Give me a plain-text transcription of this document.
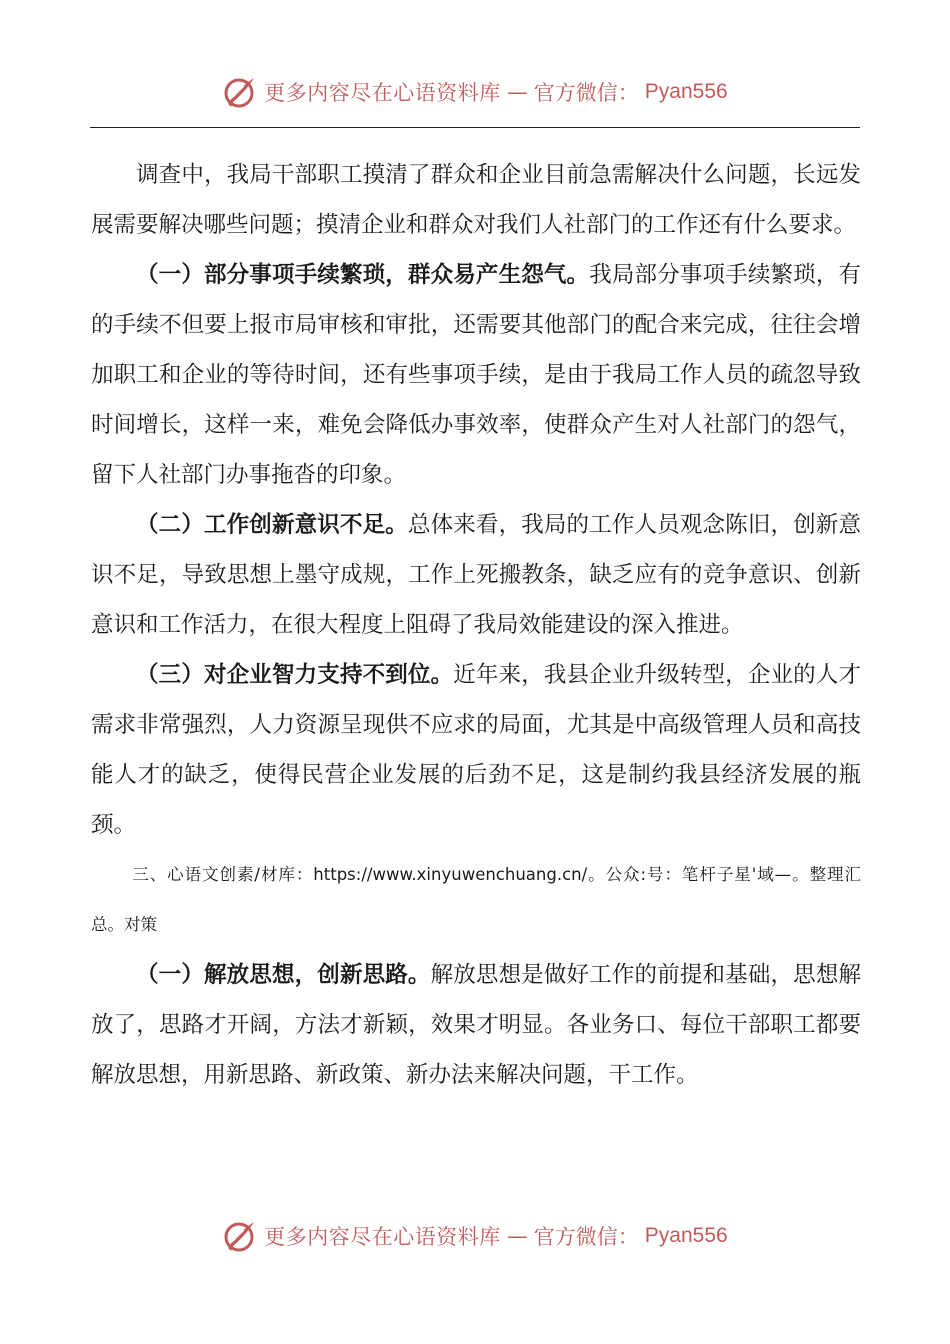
更多内容尽在心语资料库 — 官方微信： Pyan556

调查中，我局干部职工摸清了群众和企业目前急需解决什么问题，长远发展需要解决哪些问题；摸清企业和群众对我们人社部门的工作还有什么要求。

（一）部分事项手续繁琐，群众易产生怨气。我局部分事项手续繁琐，有的手续不但要上报市局审核和审批，还需要其他部门的配合来完成，往往会增加职工和企业的等待时间，还有些事项手续，是由于我局工作人员的疏忽导致时间增长，这样一来，难免会降低办事效率，使群众产生对人社部门的怨气，留下人社部门办事拖沓的印象。

（二）工作创新意识不足。总体来看，我局的工作人员观念陈旧，创新意识不足，导致思想上墨守成规，工作上死搬教条，缺乏应有的竞争意识、创新意识和工作活力，在很大程度上阻碍了我局效能建设的深入推进。

（三）对企业智力支持不到位。近年来，我县企业升级转型，企业的人才需求非常强烈，人力资源呈现供不应求的局面，尤其是中高级管理人员和高技能人才的缺乏，使得民营企业发展的后劲不足，这是制约我县经济发展的瓶颈。

三、心语文创素/材库：https://www.xinyuwenchuang.cn/。公众:号：笔杆子星'域—。整理汇总。对策

（一）解放思想，创新思路。解放思想是做好工作的前提和基础，思想解放了，思路才开阔，方法才新颖，效果才明显。各业务口、每位干部职工都要解放思想，用新思路、新政策、新办法来解决问题，干工作。

更多内容尽在心语资料库 — 官方微信： Pyan556
